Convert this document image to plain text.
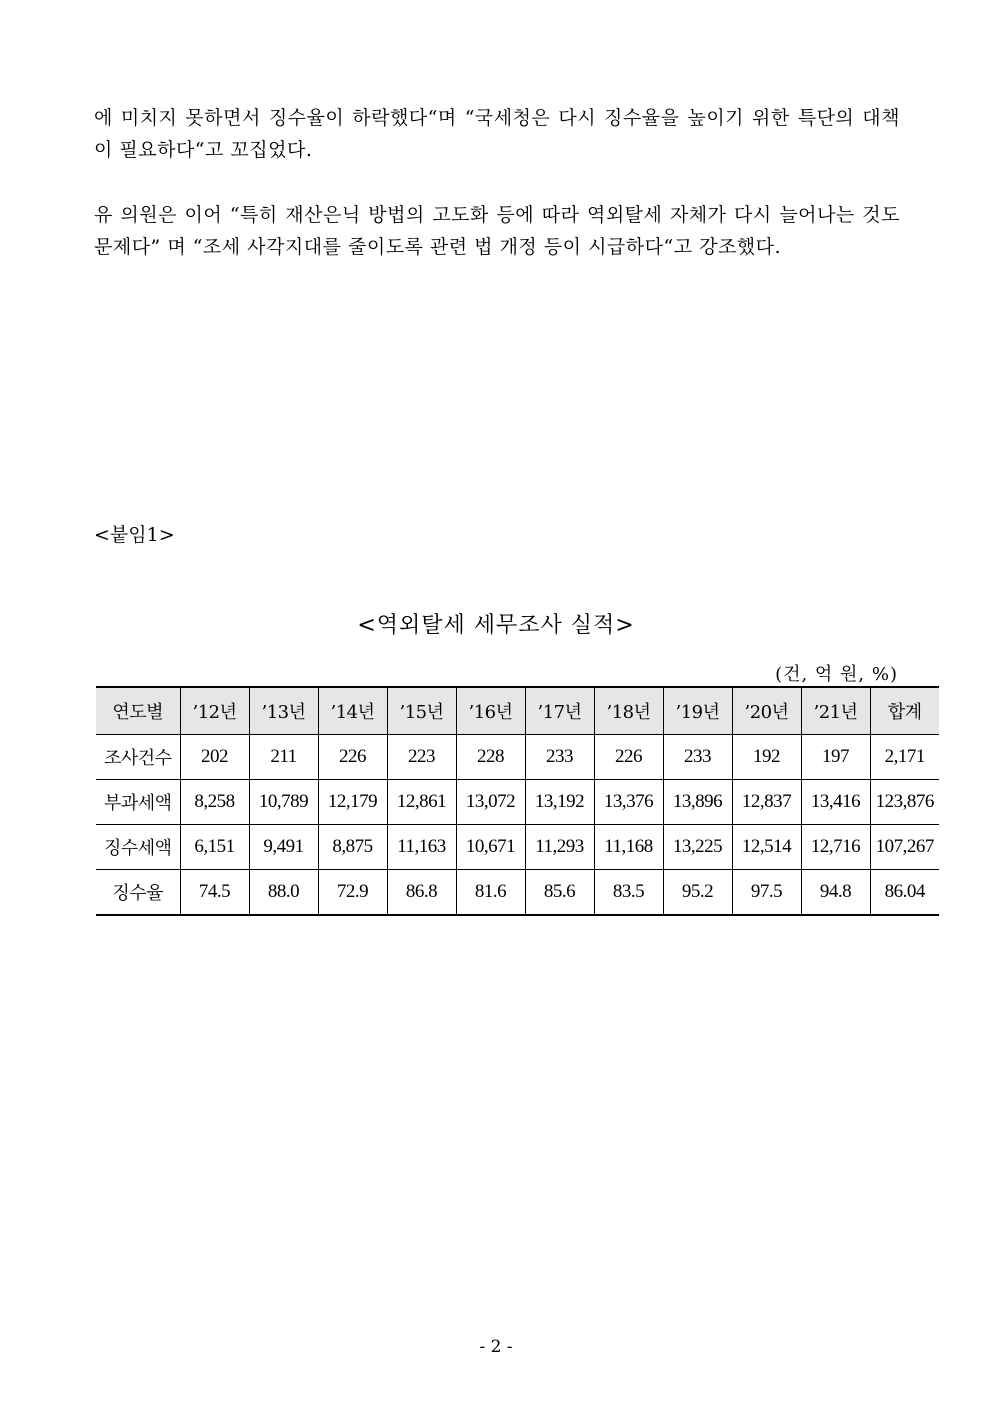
에 미치지 못하면서 징수율이 하락했다“며 “국세청은 다시 징수율을 높이기 위한 특단의 대책이 필요하다“고 꼬집었다.
유 의원은 이어 “특히 재산은닉 방법의 고도화 등에 따라 역외탈세 자체가 다시 늘어나는 것도 문제다” 며 “조세 사각지대를 줄이도록 관련 법 개정 등이 시급하다“고 강조했다.
<붙임1>
<역외탈세 세무조사 실적>
(건, 억 원, %)
연도별	’12년	’13년	’14년	’15년	’16년	’17년	’18년	’19년	’20년	’21년	합계
조사건수	202	211	226	223	228	233	226	233	192	197	2,171
부과세액	8,258	10,789	12,179	12,861	13,072	13,192	13,376	13,896	12,837	13,416	123,876
징수세액	6,151	9,491	8,875	11,163	10,671	11,293	11,168	13,225	12,514	12,716	107,267
징수율	74.5	88.0	72.9	86.8	81.6	85.6	83.5	95.2	97.5	94.8	86.04
- 2 -
